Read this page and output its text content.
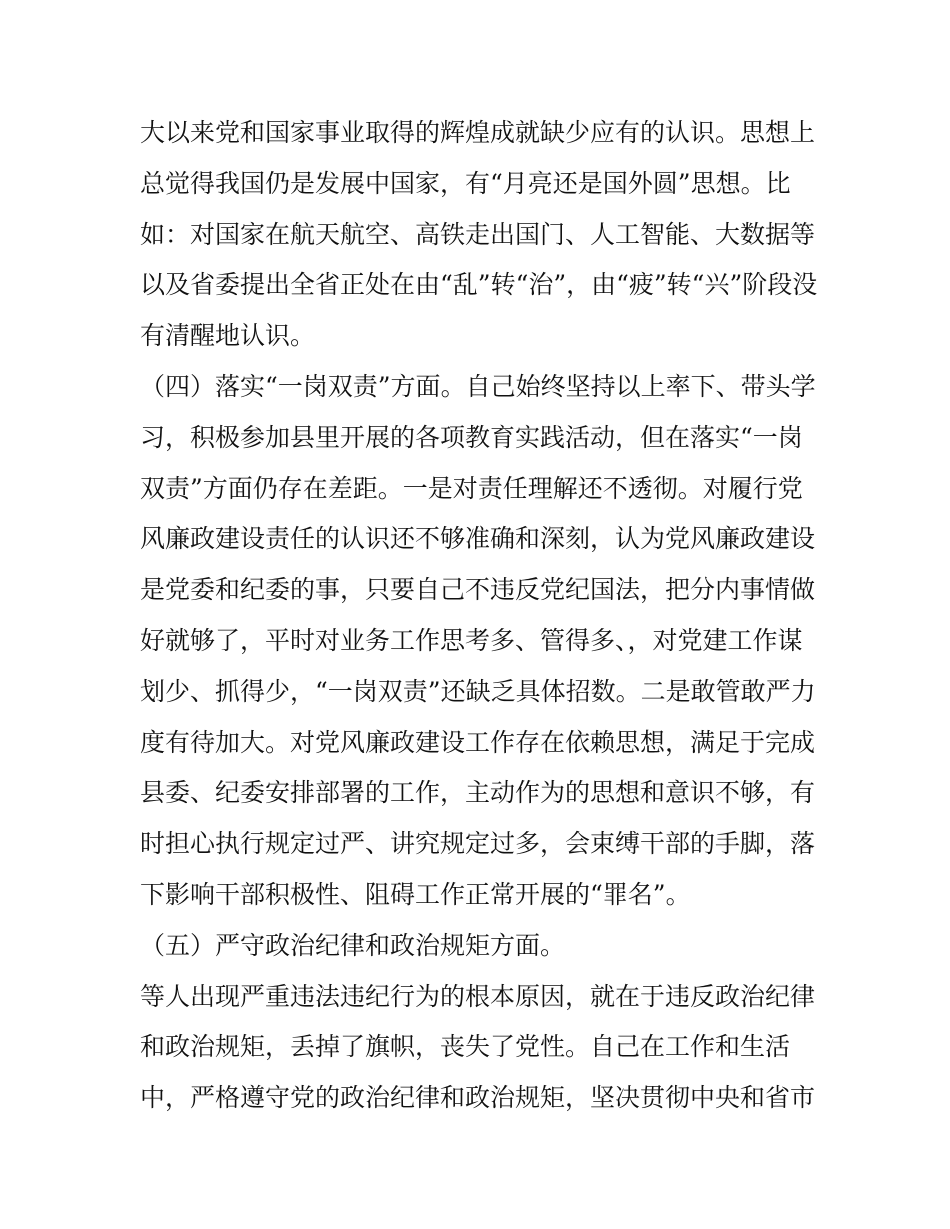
大以来党和国家事业取得的辉煌成就缺少应有的认识。思想上
总觉得我国仍是发展中国家，有“月亮还是国外圆”思想。比
如：对国家在航天航空、高铁走出国门、人工智能、大数据等
以及省委提出全省正处在由“乱”转“治”，由“疲”转“兴”阶段没
有清醒地认识。
（四）落实“一岗双责”方面。自己始终坚持以上率下、带头学
习，积极参加县里开展的各项教育实践活动，但在落实“一岗
双责”方面仍存在差距。一是对责任理解还不透彻。对履行党
风廉政建设责任的认识还不够准确和深刻，认为党风廉政建设
是党委和纪委的事，只要自己不违反党纪国法，把分内事情做
好就够了，平时对业务工作思考多、管得多、，对党建工作谋
划少、抓得少，“一岗双责”还缺乏具体招数。二是敢管敢严力
度有待加大。对党风廉政建设工作存在依赖思想，满足于完成
县委、纪委安排部署的工作，主动作为的思想和意识不够，有
时担心执行规定过严、讲究规定过多，会束缚干部的手脚，落
下影响干部积极性、阻碍工作正常开展的“罪名”。
（五）严守政治纪律和政治规矩方面。
等人出现严重违法违纪行为的根本原因，就在于违反政治纪律
和政治规矩，丢掉了旗帜，丧失了党性。自己在工作和生活
中，严格遵守党的政治纪律和政治规矩，坚决贯彻中央和省市
